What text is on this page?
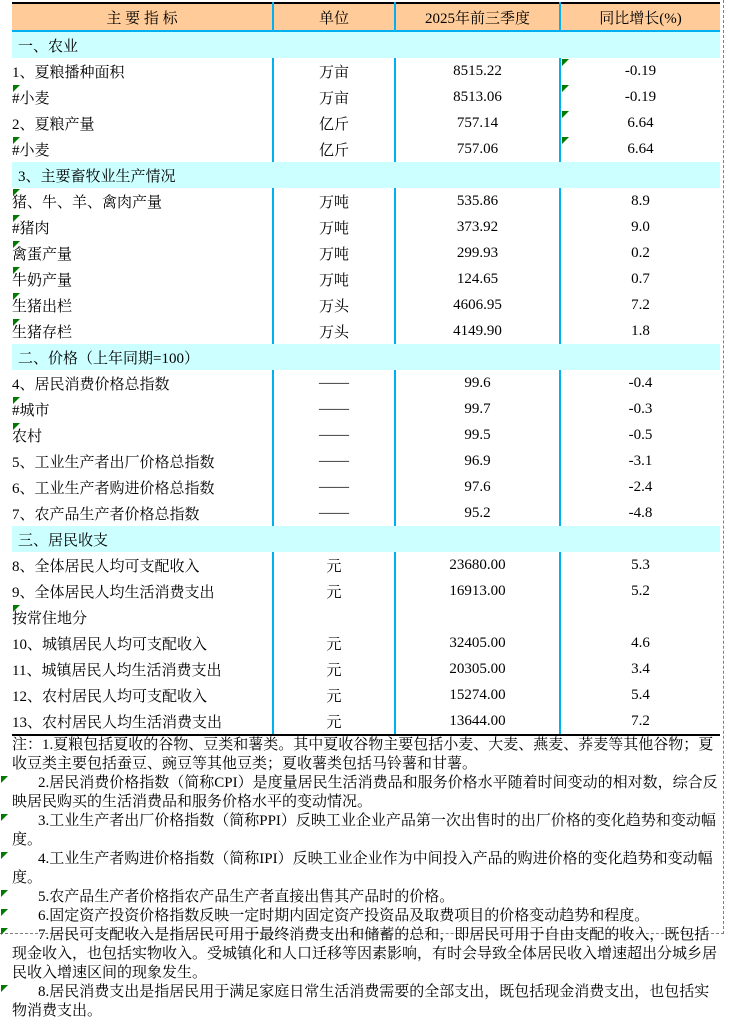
主 要 指 标	单位	2025年前三季度	同比增长(%)
一、农业			
1、夏粮播种面积	万亩	8515.22	-0.19

#小麦	万亩	8513.06	-0.19

2、夏粮产量	亿斤	757.14	6.64

#小麦	亿斤	757.06	6.64

3、主要畜牧业生产情况			
猪、牛、羊、禽肉产量	万吨	535.86	8.9
#猪肉	万吨	373.92	9.0
禽蛋产量	万吨	299.93	0.2
牛奶产量	万吨	124.65	0.7
生猪出栏	万头	4606.95	7.2
生猪存栏	万头	4149.90	1.8
二、价格（上年同期=100）			
4、居民消费价格总指数	——	99.6	-0.4
#城市	——	99.7	-0.3
农村	——	99.5	-0.5
5、工业生产者出厂价格总指数	——	96.9	-3.1
6、工业生产者购进价格总指数	——	97.6	-2.4
7、农产品生产者价格总指数	——	95.2	-4.8
三、居民收支			
8、全体居民人均可支配收入	元	23680.00	5.3
9、全体居民人均生活消费支出	元	16913.00	5.2
按常住地分

10、城镇居民人均可支配收入	元	32405.00	4.6
11、城镇居民人均生活消费支出	元	20305.00	3.4
12、农村居民人均可支配收入	元	15274.00	5.4
13、农村居民人均生活消费支出	元	13644.00	7.2

注：1.夏粮包括夏收的谷物、豆类和薯类。其中夏收谷物主要包括小麦、大麦、燕麦、荞麦等其他谷物；夏收豆类主要包括蚕豆、豌豆等其他豆类；夏收薯类包括马铃薯和甘薯。

2.居民消费价格指数（简称CPI）是度量居民生活消费品和服务价格水平随着时间变动的相对数，综合反映居民购买的生活消费品和服务价格水平的变动情况。

3.工业生产者出厂价格指数（简称PPI）反映工业企业产品第一次出售时的出厂价格的变化趋势和变动幅度。

4.工业生产者购进价格指数（简称IPI）反映工业企业作为中间投入产品的购进价格的变化趋势和变动幅度。

5.农产品生产者价格指农产品生产者直接出售其产品时的价格。

6.固定资产投资价格指数反映一定时期内固定资产投资品及取费项目的价格变动趋势和程度。

7.居民可支配收入是指居民可用于最终消费支出和储蓄的总和，即居民可用于自由支配的收入，既包括现金收入，也包括实物收入。受城镇化和人口迁移等因素影响，有时会导致全体居民收入增速超出分城乡居民收入增速区间的现象发生。

8.居民消费支出是指居民用于满足家庭日常生活消费需要的全部支出，既包括现金消费支出，也包括实物消费支出。
